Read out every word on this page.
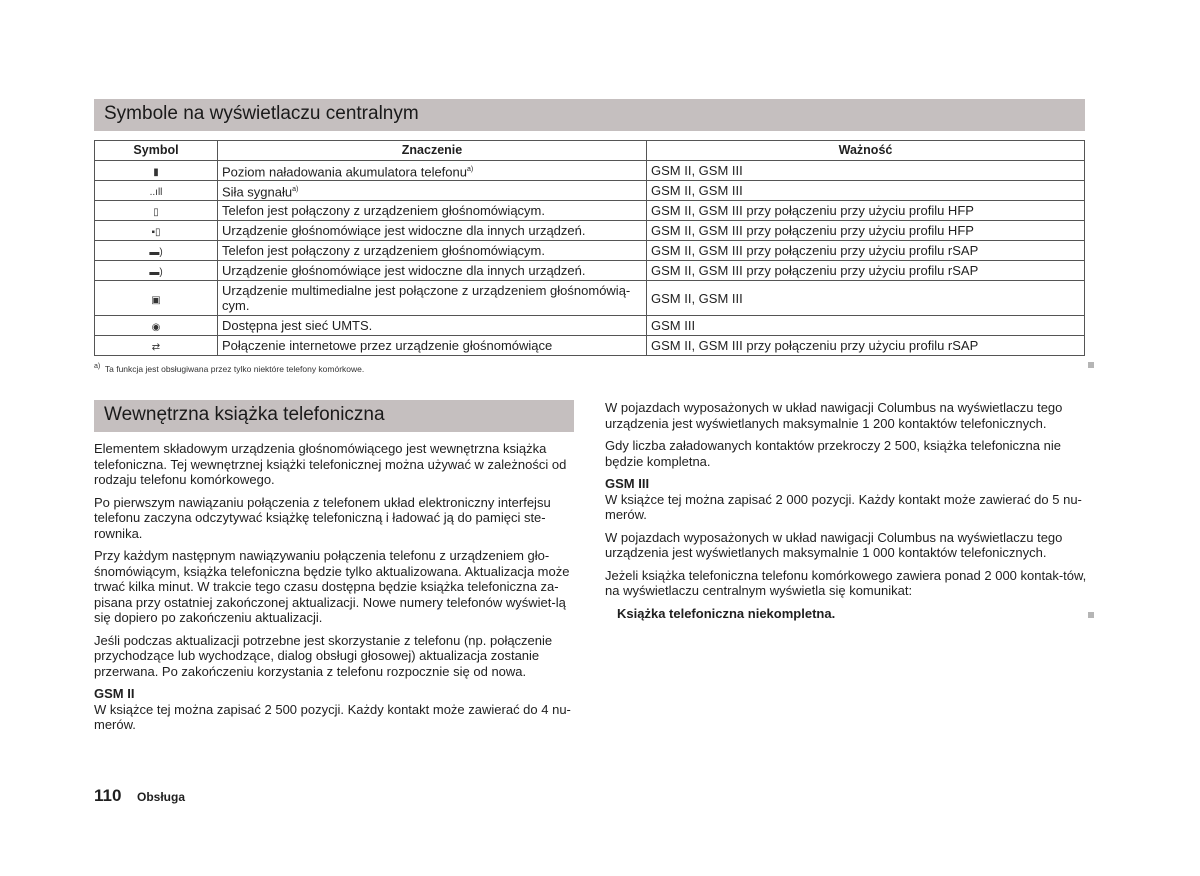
Symbole na wyświetlaczu centralnym
Symbol	Znaczenie	Ważność
▮	Poziom naładowania akumulatora telefonu$^{a)}$	GSM II, GSM III
..ıll	Siła sygnału$^{a)}$	GSM II, GSM III
▯	Telefon jest połączony z urządzeniem głośnomówiącym.	GSM II, GSM III przy połączeniu przy użyciu profilu HFP
▪▯	Urządzenie głośnomówiące jest widoczne dla innych urządzeń.	GSM II, GSM III przy połączeniu przy użyciu profilu HFP
▬)	Telefon jest połączony z urządzeniem głośnomówiącym.	GSM II, GSM III przy połączeniu przy użyciu profilu rSAP
▬)	Urządzenie głośnomówiące jest widoczne dla innych urządzeń.	GSM II, GSM III przy połączeniu przy użyciu profilu rSAP
▣	Urządzenie multimedialne jest połączone z urządzeniem głośnomówią-cym.	GSM II, GSM III
◉	Dostępna jest sieć UMTS.	GSM III
⇄	Połączenie internetowe przez urządzenie głośnomówiące	GSM II, GSM III przy połączeniu przy użyciu profilu rSAP
$^{a)}$ Ta funkcja jest obsługiwana przez tylko niektóre telefony komórkowe.
Wewnętrzna książka telefoniczna

Elementem składowym urządzenia głośnomówiącego jest wewnętrzna książka telefoniczna. Tej wewnętrznej książki telefonicznej można używać w zależności od rodzaju telefonu komórkowego.

Po pierwszym nawiązaniu połączenia z telefonem układ elektroniczny interfejsu telefonu zaczyna odczytywać książkę telefoniczną i ładować ją do pamięci ste-rownika.

Przy każdym następnym nawiązywaniu połączenia telefonu z urządzeniem gło-śnomówiącym, książka telefoniczna będzie tylko aktualizowana. Aktualizacja może trwać kilka minut. W trakcie tego czasu dostępna będzie książka telefoniczna za-pisana przy ostatniej zakończonej aktualizacji. Nowe numery telefonów wyświet-lą się dopiero po zakończeniu aktualizacji.

Jeśli podczas aktualizacji potrzebne jest skorzystanie z telefonu (np. połączenie przychodzące lub wychodzące, dialog obsługi głosowej) aktualizacja zostanie przerwana. Po zakończeniu korzystania z telefonu rozpocznie się od nowa.

GSM II

W książce tej można zapisać 2 500 pozycji. Każdy kontakt może zawierać do 4 nu-merów.

W pojazdach wyposażonych w układ nawigacji Columbus na wyświetlaczu tego urządzenia jest wyświetlanych maksymalnie 1 200 kontaktów telefonicznych.

Gdy liczba załadowanych kontaktów przekroczy 2 500, książka telefoniczna nie będzie kompletna.

GSM III

W książce tej można zapisać 2 000 pozycji. Każdy kontakt może zawierać do 5 nu-merów.

W pojazdach wyposażonych w układ nawigacji Columbus na wyświetlaczu tego urządzenia jest wyświetlanych maksymalnie 1 000 kontaktów telefonicznych.

Jeżeli książka telefoniczna telefonu komórkowego zawiera ponad 2 000 kontak-tów, na wyświetlaczu centralnym wyświetla się komunikat:

Książka telefoniczna niekompletna.

110 Obsługa
